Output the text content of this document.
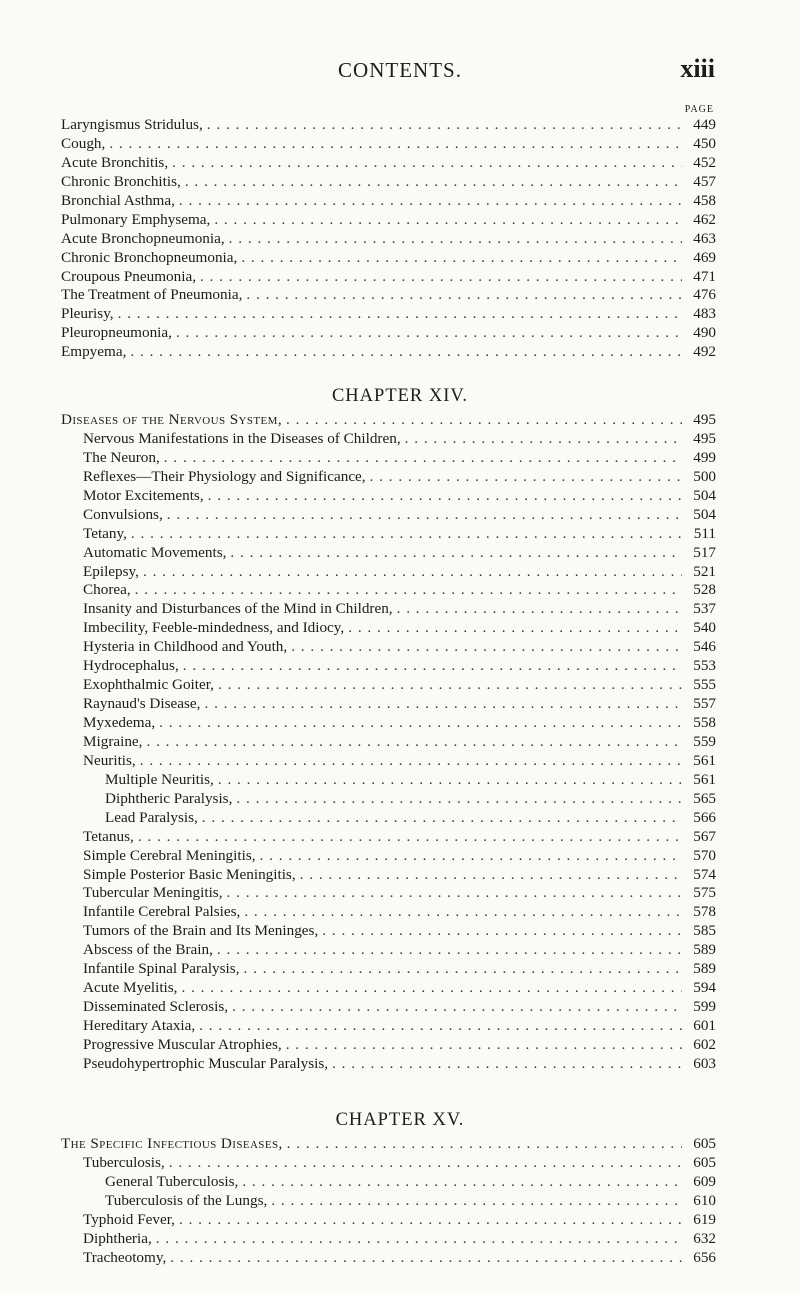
CONTENTS.	xiii
PAGE
Laryngismus Stridulus, . . .	449
Cough, . . .	450
Acute Bronchitis, . . .	452
Chronic Bronchitis, . . .	457
Bronchial Asthma, . . .	458
Pulmonary Emphysema, . . .	462
Acute Bronchopneumonia, . . .	463
Chronic Bronchopneumonia, . . .	469
Croupous Pneumonia, . . .	471
The Treatment of Pneumonia, . . .	476
Pleurisy, . . .	483
Pleuropneumonia, . . .	490
Empyema, . . .	492
CHAPTER XIV.
Diseases of the Nervous System, . . .	495
Nervous Manifestations in the Diseases of Children, . . .	495
The Neuron, . . .	499
Reflexes—Their Physiology and Significance, . . .	500
Motor Excitements, . . .	504
Convulsions, . . .	504
Tetany, . . .	511
Automatic Movements, . . .	517
Epilepsy, . . .	521
Chorea, . . .	528
Insanity and Disturbances of the Mind in Children, . . .	537
Imbecility, Feeble-mindedness, and Idiocy, . . .	540
Hysteria in Childhood and Youth, . . .	546
Hydrocephalus, . . .	553
Exophthalmic Goiter, . . .	555
Raynaud's Disease, . . .	557
Myxedema, . . .	558
Migraine, . . .	559
Neuritis, . . .	561
Multiple Neuritis, . . .	561
Diphtheric Paralysis, . . .	565
Lead Paralysis, . . .	566
Tetanus, . . .	567
Simple Cerebral Meningitis, . . .	570
Simple Posterior Basic Meningitis, . . .	574
Tubercular Meningitis, . . .	575
Infantile Cerebral Palsies, . . .	578
Tumors of the Brain and Its Meninges, . . .	585
Abscess of the Brain, . . .	589
Infantile Spinal Paralysis, . . .	589
Acute Myelitis, . . .	594
Disseminated Sclerosis, . . .	599
Hereditary Ataxia, . . .	601
Progressive Muscular Atrophies, . . .	602
Pseudohypertrophic Muscular Paralysis, . . .	603
CHAPTER XV.
The Specific Infectious Diseases, . . .	605
Tuberculosis, . . .	605
General Tuberculosis, . . .	609
Tuberculosis of the Lungs, . . .	610
Typhoid Fever, . . .	619
Diphtheria, . . .	632
Tracheotomy, . . .	656
